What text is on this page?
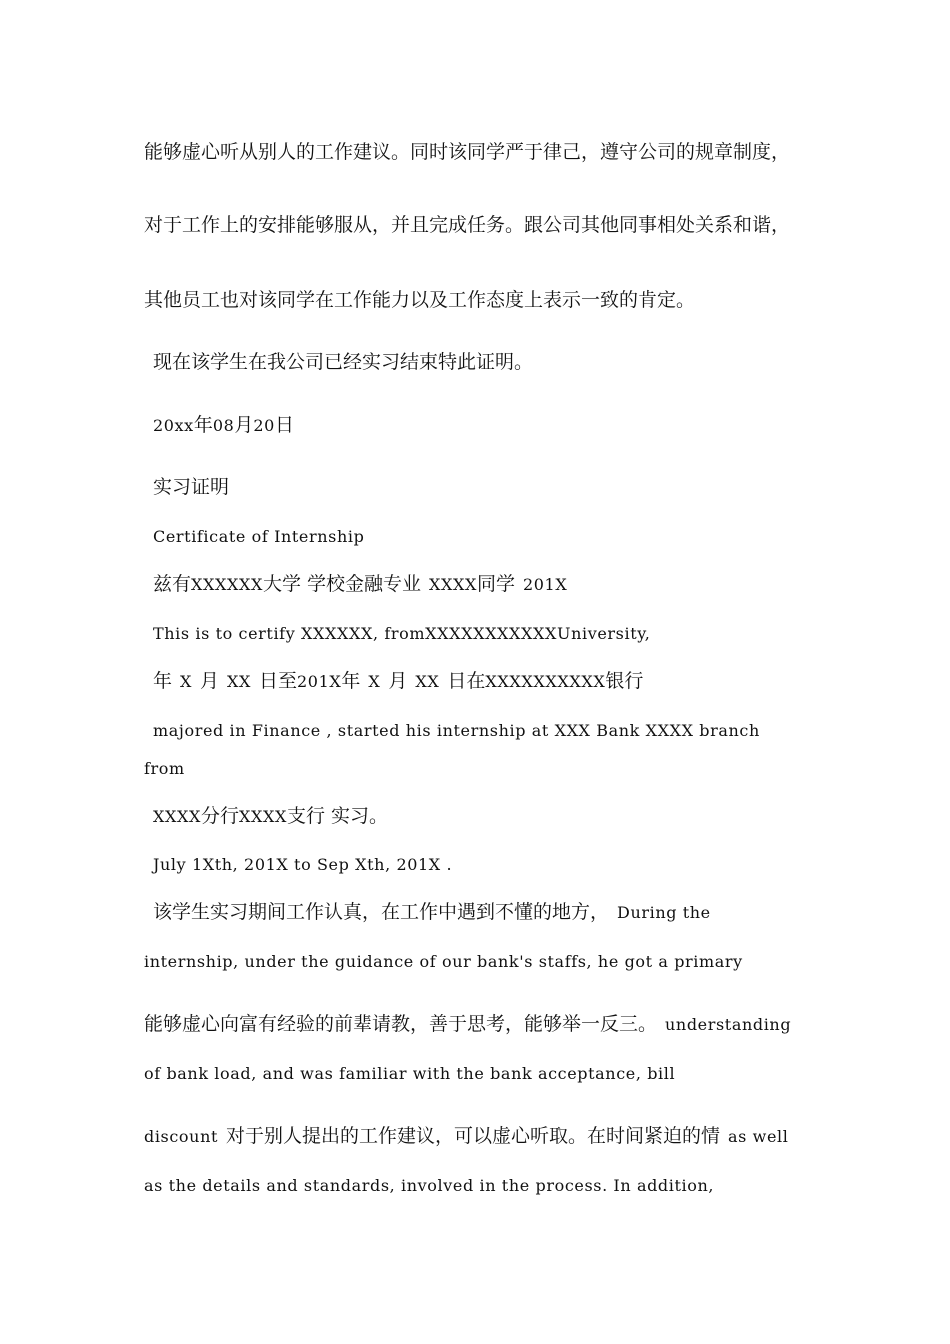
能够虚心听从别人的工作建议。同时该同学严于律己，遵守公司的规章制度，
对于工作上的安排能够服从，并且完成任务。跟公司其他同事相处关系和谐，
其他员工也对该同学在工作能力以及工作态度上表示一致的肯定。
现在该学生在我公司已经实习结束特此证明。
20xx年08月20日
实习证明
Certificate of Internship
兹有XXXXXX大学 学校金融专业 XXXX同学 201X
This is to certify XXXXXX, fromXXXXXXXXXXXUniversity,
年 X 月 XX 日至201X年 X 月 XX 日在XXXXXXXXXX银行
majored in Finance , started his internship at XXX Bank XXXX branch
from
XXXX分行XXXX支行 实习。
July 1Xth, 201X to Sep Xth, 201X .
该学生实习期间工作认真，在工作中遇到不懂的地方， During the
internship, under the guidance of our bank's staffs, he got a primary
能够虚心向富有经验的前辈请教，善于思考，能够举一反三。 understanding
of bank load, and was familiar with the bank acceptance, bill
discount 对于别人提出的工作建议，可以虚心听取。在时间紧迫的情 as well
as the details and standards, involved in the process. In addition,
